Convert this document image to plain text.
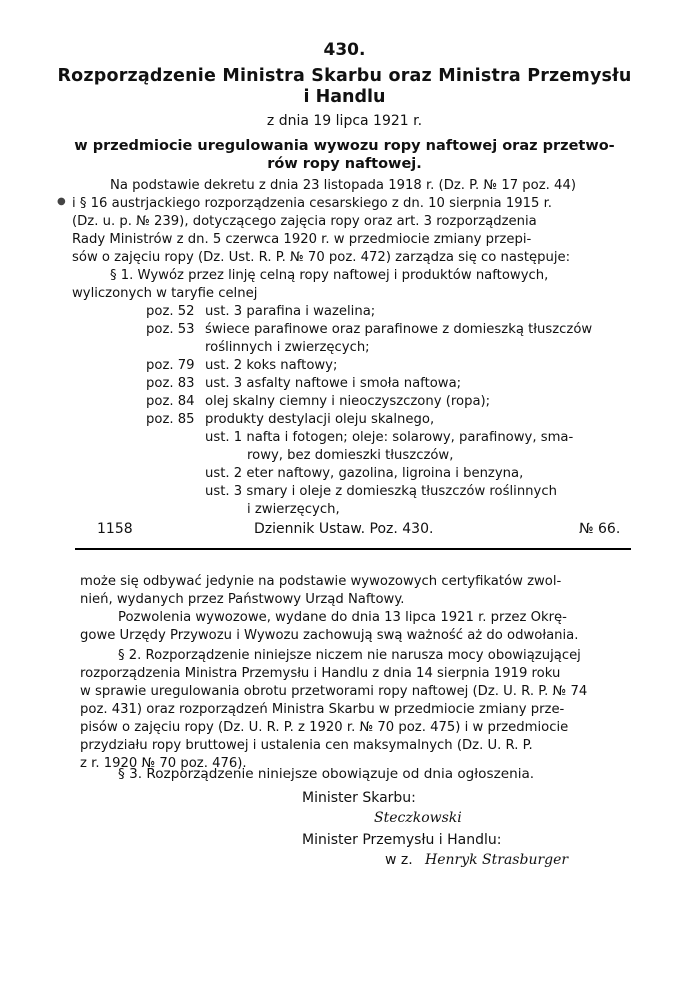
430.
Rozporządzenie Ministra Skarbu oraz Ministra Przemysłu
i Handlu
z dnia 19 lipca 1921 r.
w przedmiocie uregulowania wywozu ropy naftowej oraz przetwo-
rów ropy naftowej.
●
Na podstawie dekretu z dnia 23 listopada 1918 r. (Dz. P. № 17 poz. 44)
i § 16 austrjackiego rozporządzenia cesarskiego z dn. 10 sierpnia 1915 r.
(Dz. u. p. № 239), dotyczącego zajęcia ropy oraz art. 3 rozporządzenia
Rady Ministrów z dn. 5 czerwca 1920 r. w przedmiocie zmiany przepi-
sów o zajęciu ropy (Dz. Ust. R. P. № 70 poz. 472) zarządza się co następuje:
§ 1. Wywóz przez linję celną ropy naftowej i produktów naftowych,
wyliczonych w taryfie celnej
poz. 52 ust. 3 parafina i wazelina;
poz. 53 świece parafinowe oraz parafinowe z domieszką tłuszczów
roślinnych i zwierzęcych;
poz. 79 ust. 2 koks naftowy;
poz. 83 ust. 3 asfalty naftowe i smoła naftowa;
poz. 84 olej skalny ciemny i nieoczyszczony (ropa);
poz. 85 produkty destylacji oleju skalnego,
ust. 1 nafta i fotogen; oleje: solarowy, parafinowy, sma-
rowy, bez domieszki tłuszczów,
ust. 2 eter naftowy, gazolina, ligroina i benzyna,
ust. 3 smary i oleje z domieszką tłuszczów roślinnych
i zwierzęcych,
1158	Dziennik Ustaw. Poz. 430.	№ 66.
może się odbywać jedynie na podstawie wywozowych certyfikatów zwol-
nień, wydanych przez Państwowy Urząd Naftowy.
Pozwolenia wywozowe, wydane do dnia 13 lipca 1921 r. przez Okrę-
gowe Urzędy Przywozu i Wywozu zachowują swą ważność aż do odwołania.
§ 2. Rozporządzenie niniejsze niczem nie narusza mocy obowiązującej
rozporządzenia Ministra Przemysłu i Handlu z dnia 14 sierpnia 1919 roku
w sprawie uregulowania obrotu przetworami ropy naftowej (Dz. U. R. P. № 74
poz. 431) oraz rozporządzeń Ministra Skarbu w przedmiocie zmiany prze-
pisów o zajęciu ropy (Dz. U. R. P. z 1920 r. № 70 poz. 475) i w przedmiocie
przydziału ropy bruttowej i ustalenia cen maksymalnych (Dz. U. R. P.
z r. 1920 № 70 poz. 476).
§ 3. Rozporządzenie niniejsze obowiązuje od dnia ogłoszenia.
Minister Skarbu:
Steczkowski
Minister Przemysłu i Handlu:
w z. Henryk Strasburger
